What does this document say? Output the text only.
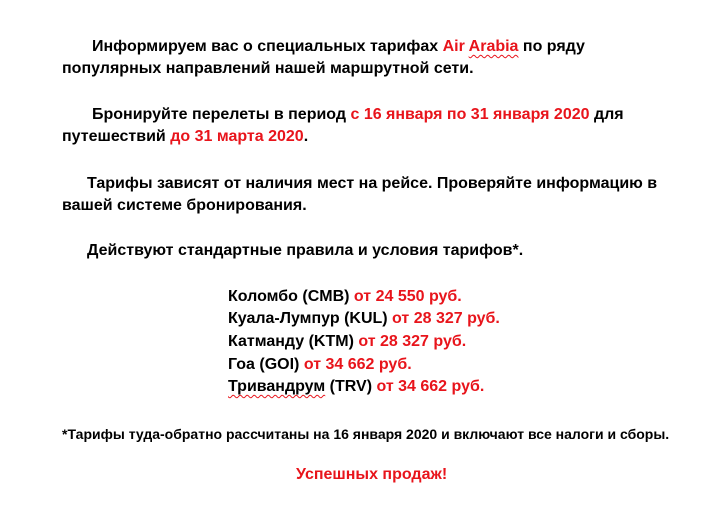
Информируем вас о специальных тарифах Air Arabia по ряду
популярных направлений нашей маршрутной сети.
Бронируйте перелеты в период с 16 января по 31 января 2020 для
путешествий до 31 марта 2020.
Тарифы зависят от наличия мест на рейсе. Проверяйте информацию в
вашей системе бронирования.
Действуют стандартные правила и условия тарифов*.
Коломбо (CMB) от 24 550 руб.
Куала-Лумпур (KUL) от 28 327 руб.
Катманду (KTM) от 28 327 руб.
Гоа (GOI) от 34 662 руб.
Тривандрум (TRV) от 34 662 руб.
*Тарифы туда-обратно рассчитаны на 16 января 2020 и включают все налоги и сборы.
Успешных продаж!
